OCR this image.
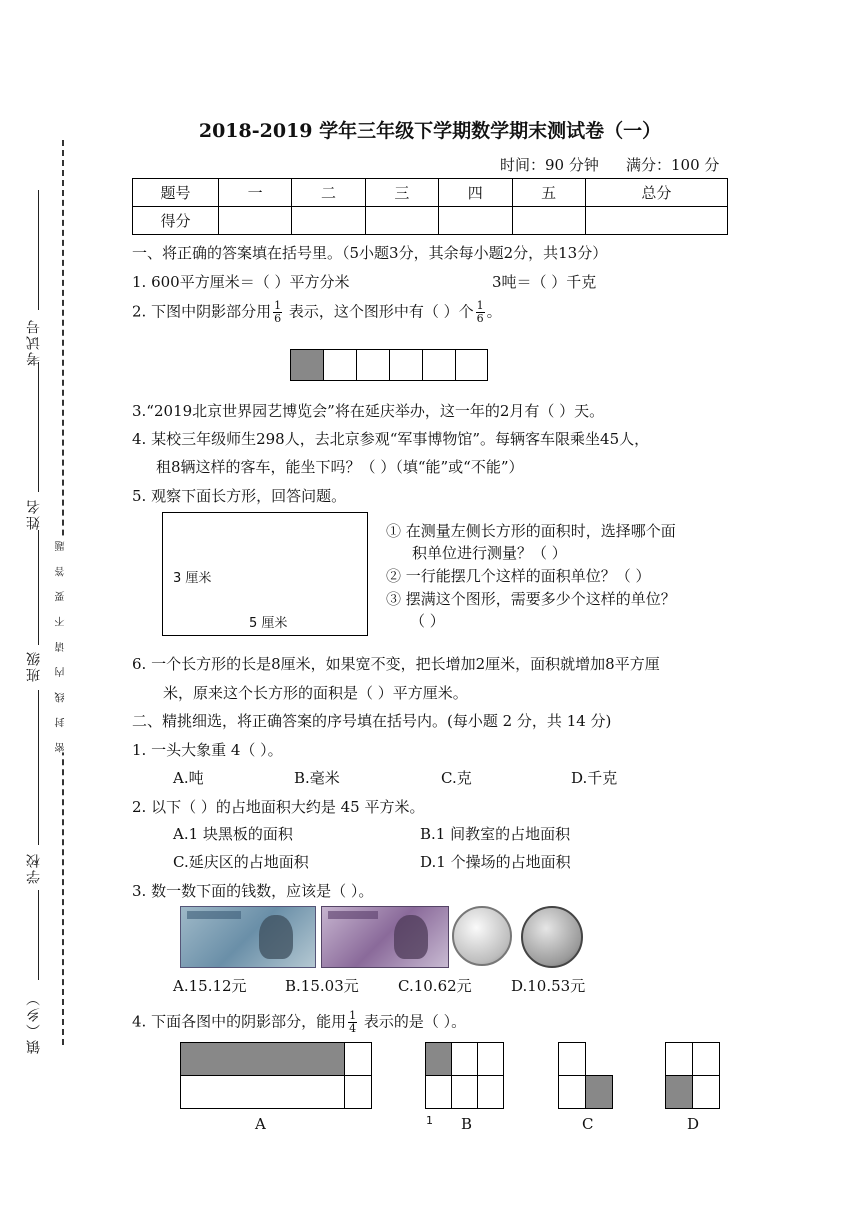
2018-2019 学年三年级下学期数学期末测试卷（一）
时间：90 分钟 满分：100 分
题号	一	二	三	四	五	总分
得分						
考试号
姓名
班级
学校
镇（乡）
密 封 线 内 请 不 要 答 题
一、将正确的答案填在括号里。（5小题3分，其余每小题2分，共13分）
1. 600平方厘米＝（ ）平方分米	3吨＝（ ）千克
2. 下图中阴影部分用 $\frac{1}{6}$ 表示，这个图形中有（ ）个 $\frac{1}{6}$ 。
3.“2019北京世界园艺博览会”将在延庆举办，这一年的2月有（ ）天。
4. 某校三年级师生298人，去北京参观“军事博物馆”。每辆客车限乘坐45人，
租8辆这样的客车，能坐下吗？（ ）（填“能”或“不能”）
5. 观察下面长方形，回答问题。
3 厘米
5 厘米
① 在测量左侧长方形的面积时，选择哪个面
积单位进行测量？（ ）
② 一行能摆几个这样的面积单位？（ ）
③ 摆满这个图形，需要多少个这样的单位？
（ ）
6. 一个长方形的长是8厘米，如果宽不变，把长增加2厘米，面积就增加8平方厘
米，原来这个长方形的面积是（ ）平方厘米。
二、精挑细选，将正确答案的序号填在括号内。(每小题 2 分，共 14 分)
1. 一头大象重 4（ ）。
A.吨	B.毫米	C.克	D.千克
2. 以下（ ）的占地面积大约是 45 平方米。
A.1 块黑板的面积	B.1 间教室的占地面积
C.延庆区的占地面积	D.1 个操场的占地面积
3. 数一数下面的钱数，应该是（ ）。
A.15.12元	B.15.03元	C.10.62元	D.10.53元
4. 下面各图中的阴影部分，能用 $\frac{1}{4}$ 表示的是（ ）。
A	1 B	C	D
